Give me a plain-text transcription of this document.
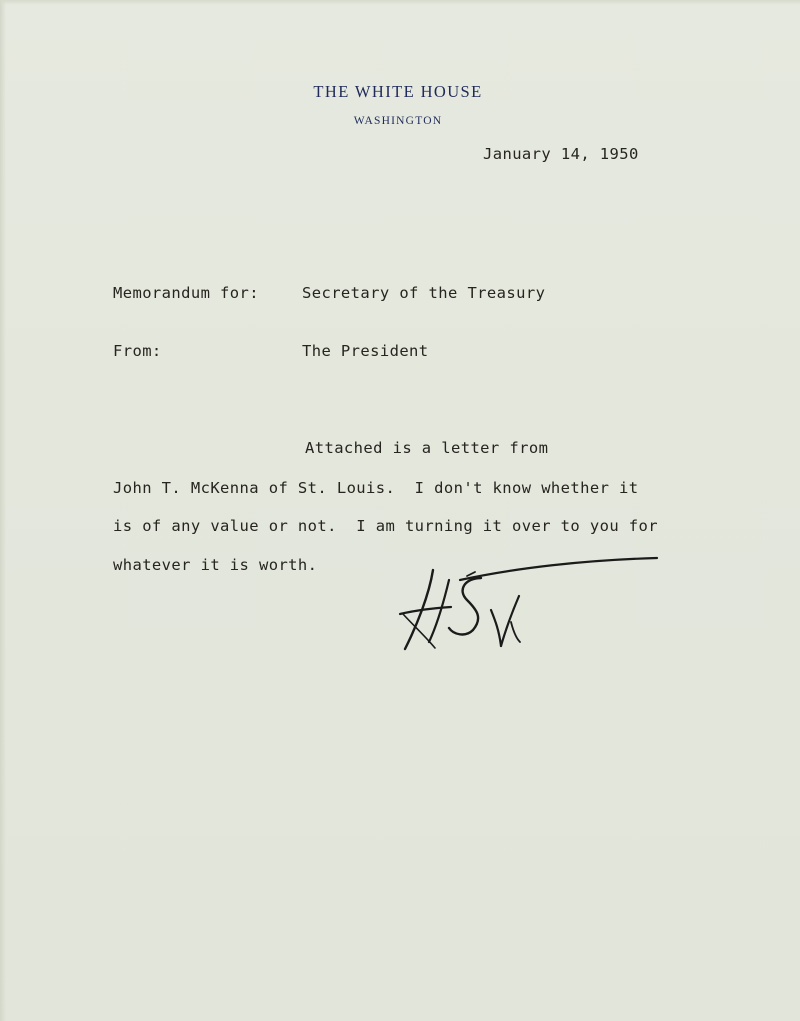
THE WHITE HOUSE
WASHINGTON
January 14, 1950
Memorandum for:	Secretary of the Treasury
From:	The President
Attached is a letter from
John T. McKenna of St. Louis.  I don't know whether it
is of any value or not.  I am turning it over to you for
whatever it is worth.
